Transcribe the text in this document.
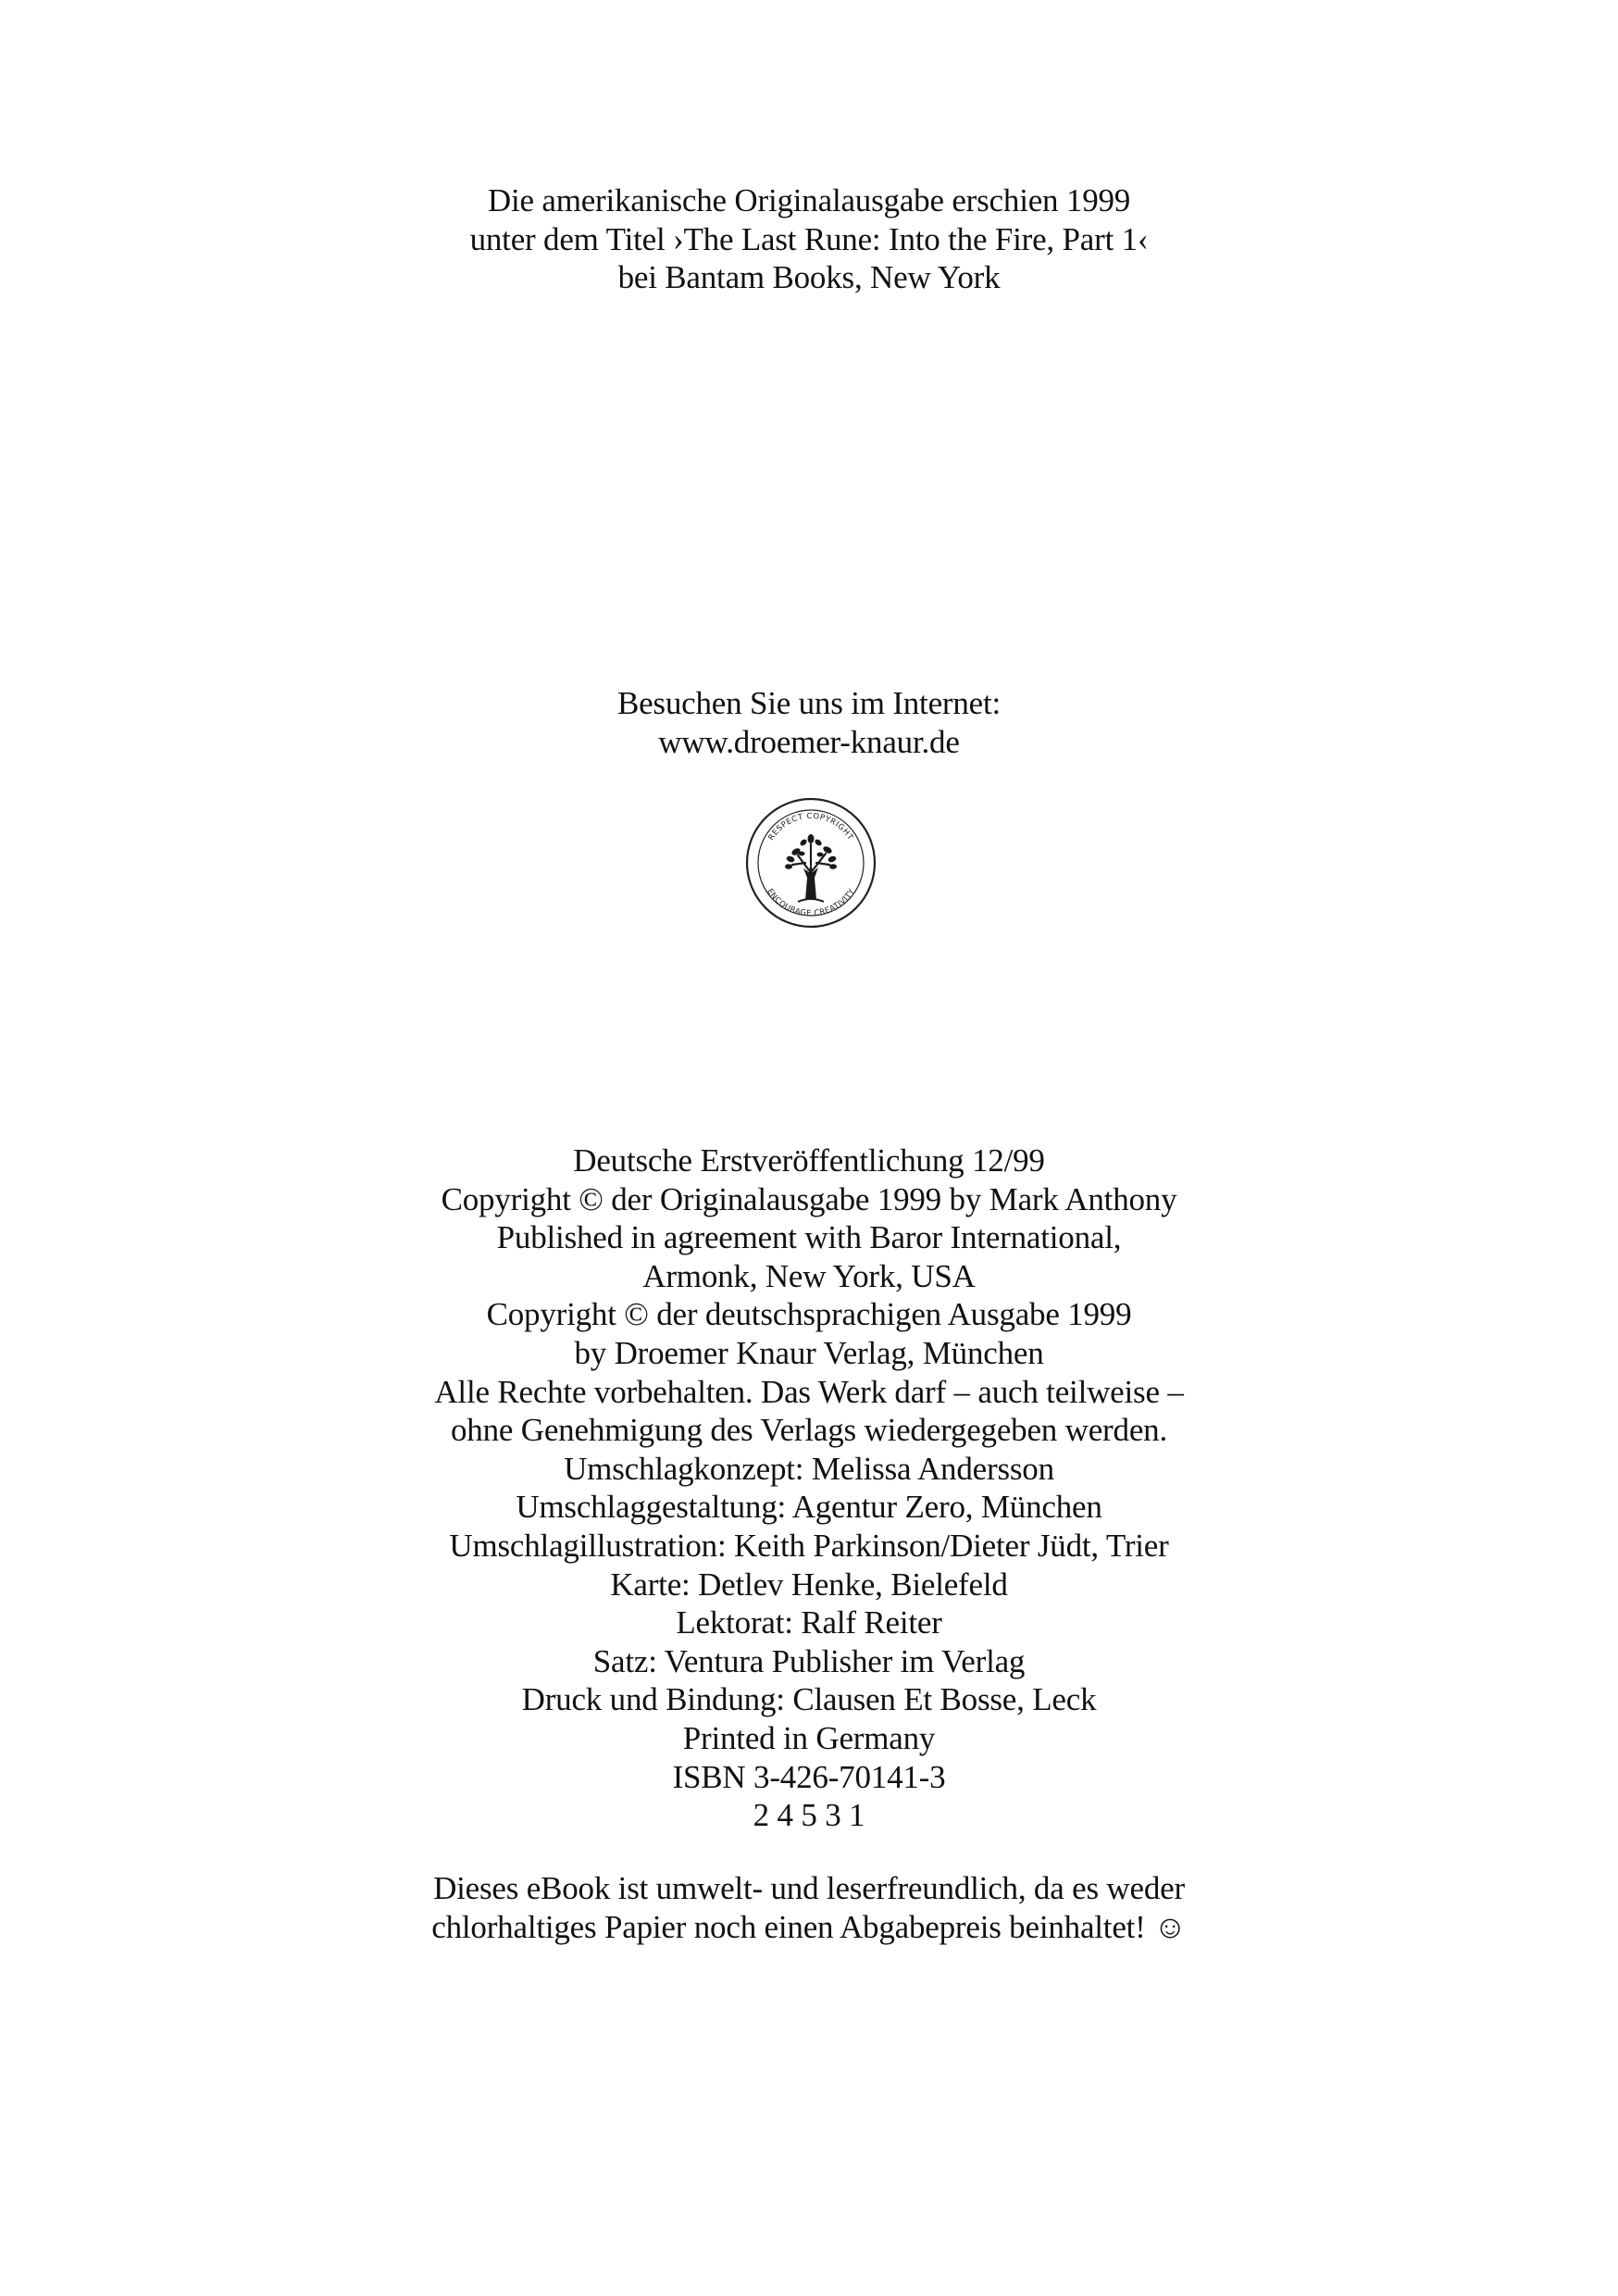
Die amerikanische Originalausgabe erschien 1999
unter dem Titel ›The Last Rune: Into the Fire, Part 1‹
bei Bantam Books, New York
Besuchen Sie uns im Internet:
www.droemer-knaur.de
RESPECT COPYRIGHT
ENCOURAGE CREATIVITY
Deutsche Erstveröffentlichung 12/99
Copyright © der Originalausgabe 1999 by Mark Anthony
Published in agreement with Baror International,
Armonk, New York, USA
Copyright © der deutschsprachigen Ausgabe 1999
by Droemer Knaur Verlag, München
Alle Rechte vorbehalten. Das Werk darf – auch teilweise –
ohne Genehmigung des Verlags wiedergegeben werden.
Umschlagkonzept: Melissa Andersson
Umschlaggestaltung: Agentur Zero, München
Umschlagillustration: Keith Parkinson/Dieter Jüdt, Trier
Karte: Detlev Henke, Bielefeld
Lektorat: Ralf Reiter
Satz: Ventura Publisher im Verlag
Druck und Bindung: Clausen Et Bosse, Leck
Printed in Germany
ISBN 3-426-70141-3
2 4 5 3 1
Dieses eBook ist umwelt- und leserfreundlich, da es weder
chlorhaltiges Papier noch einen Abgabepreis beinhaltet! ☺
